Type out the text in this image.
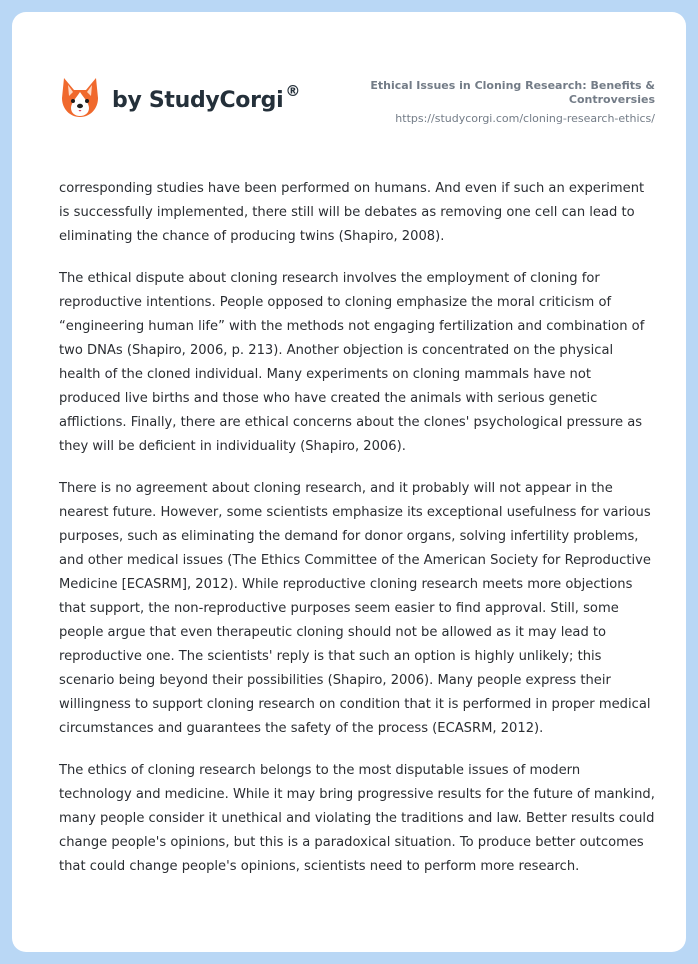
by StudyCorgi ®	Ethical Issues in Cloning Research: Benefits & Controversies
https://studycorgi.com/cloning-research-ethics/

corresponding studies have been performed on humans. And even if such an experiment is successfully implemented, there still will be debates as removing one cell can lead to eliminating the chance of producing twins (Shapiro, 2008).

The ethical dispute about cloning research involves the employment of cloning for reproductive intentions. People opposed to cloning emphasize the moral criticism of “engineering human life” with the methods not engaging fertilization and combination of two DNAs (Shapiro, 2006, p. 213). Another objection is concentrated on the physical health of the cloned individual. Many experiments on cloning mammals have not produced live births and those who have created the animals with serious genetic afflictions. Finally, there are ethical concerns about the clones' psychological pressure as they will be deficient in individuality (Shapiro, 2006).

There is no agreement about cloning research, and it probably will not appear in the nearest future. However, some scientists emphasize its exceptional usefulness for various purposes, such as eliminating the demand for donor organs, solving infertility problems, and other medical issues (The Ethics Committee of the American Society for Reproductive Medicine [ECASRM], 2012). While reproductive cloning research meets more objections that support, the non-reproductive purposes seem easier to find approval. Still, some people argue that even therapeutic cloning should not be allowed as it may lead to reproductive one. The scientists' reply is that such an option is highly unlikely; this scenario being beyond their possibilities (Shapiro, 2006). Many people express their willingness to support cloning research on condition that it is performed in proper medical circumstances and guarantees the safety of the process (ECASRM, 2012).

The ethics of cloning research belongs to the most disputable issues of modern technology and medicine. While it may bring progressive results for the future of mankind, many people consider it unethical and violating the traditions and law. Better results could change people's opinions, but this is a paradoxical situation. To produce better outcomes that could change people's opinions, scientists need to perform more research.
